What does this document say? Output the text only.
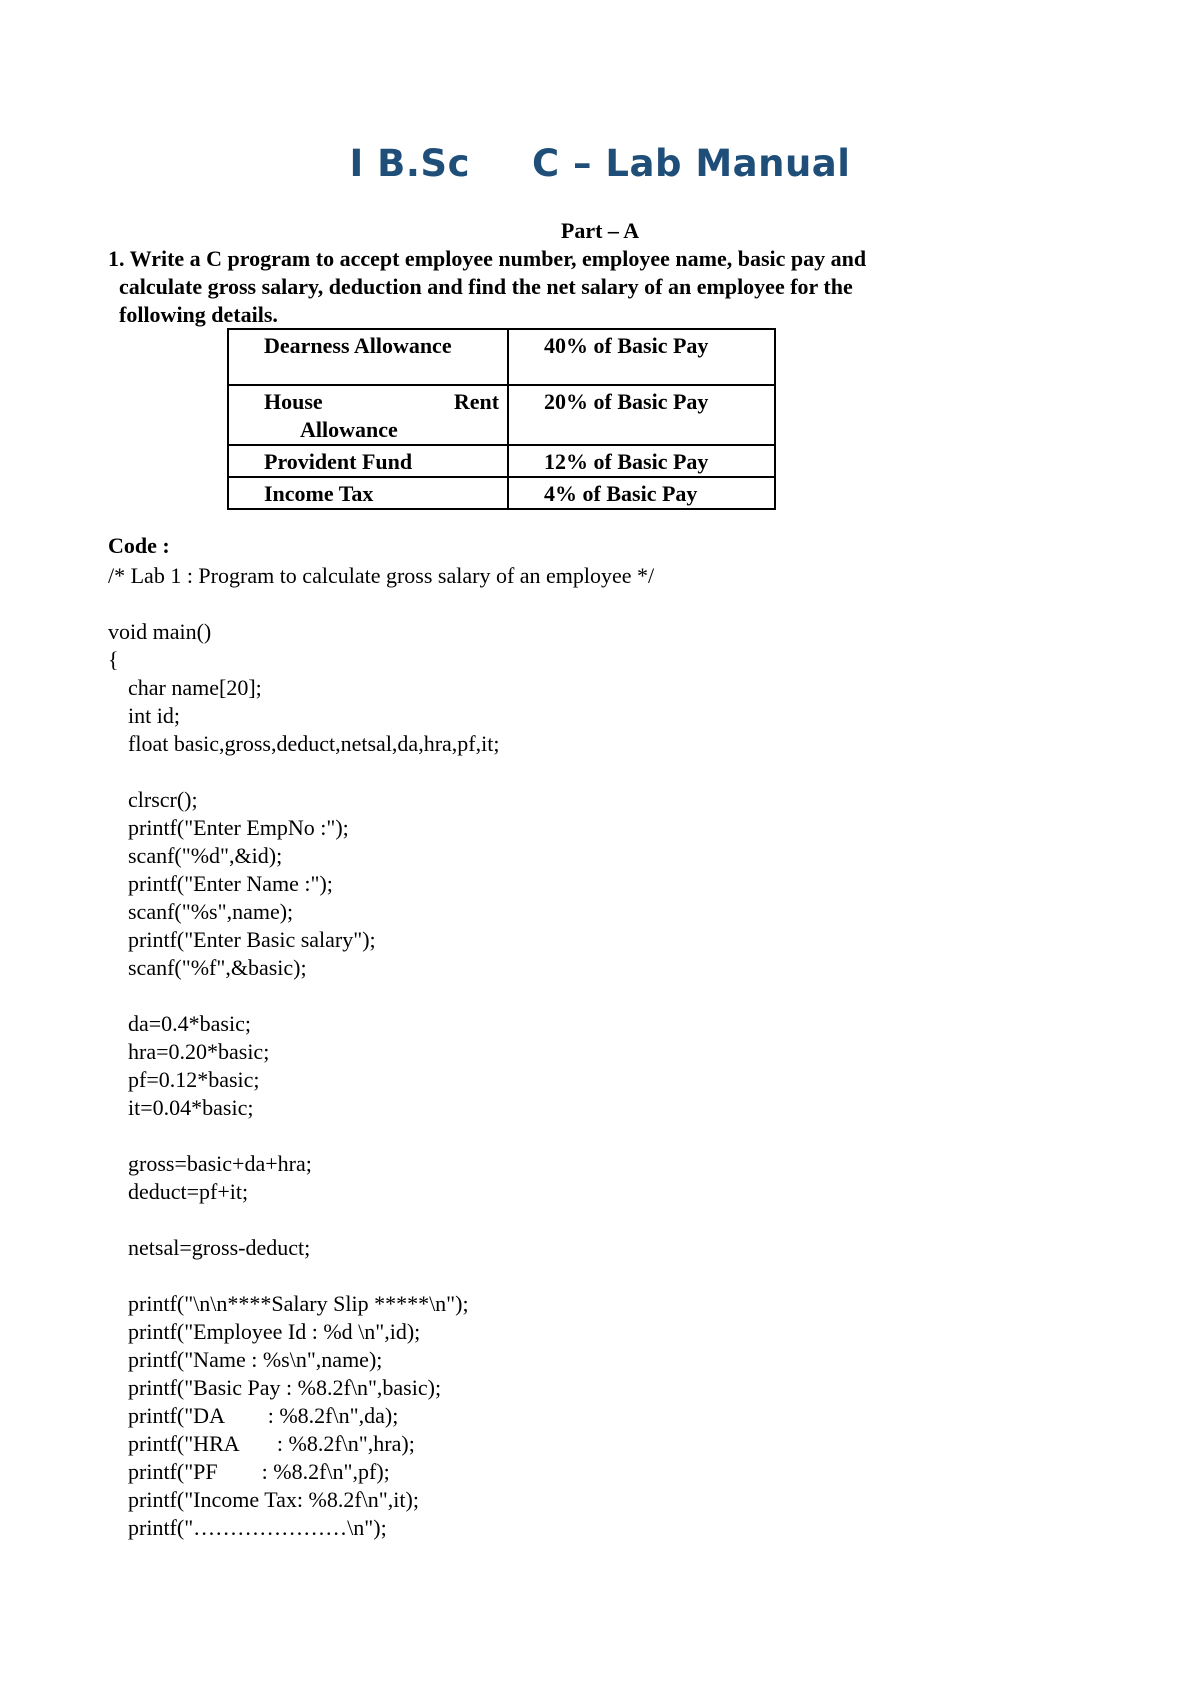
I B.Sc C – Lab Manual
Part – A
1. Write a C program to accept employee number, employee name, basic pay and
calculate gross salary, deduction and find the net salary of an employee for the
following details.
Dearness Allowance	40% of Basic Pay

House Rent
Allowance	20% of Basic Pay
Provident Fund	12% of Basic Pay
Income Tax	4% of Basic Pay
Code :
/* Lab 1 : Program to calculate gross salary of an employee */
void main()
{
char name[20];
int id;
float basic,gross,deduct,netsal,da,hra,pf,it;
clrscr();
printf("Enter EmpNo :");
scanf("%d",&id);
printf("Enter Name :");
scanf("%s",name);
printf("Enter Basic salary");
scanf("%f",&basic);
da=0.4*basic;
hra=0.20*basic;
pf=0.12*basic;
it=0.04*basic;
gross=basic+da+hra;
deduct=pf+it;
netsal=gross-deduct;
printf("\n\n****Salary Slip *****\n");
printf("Employee Id : %d \n",id);
printf("Name : %s\n",name);
printf("Basic Pay : %8.2f\n",basic);
printf("DA        : %8.2f\n",da);
printf("HRA       : %8.2f\n",hra);
printf("PF        : %8.2f\n",pf);
printf("Income Tax: %8.2f\n",it);
printf("…………………\n");
